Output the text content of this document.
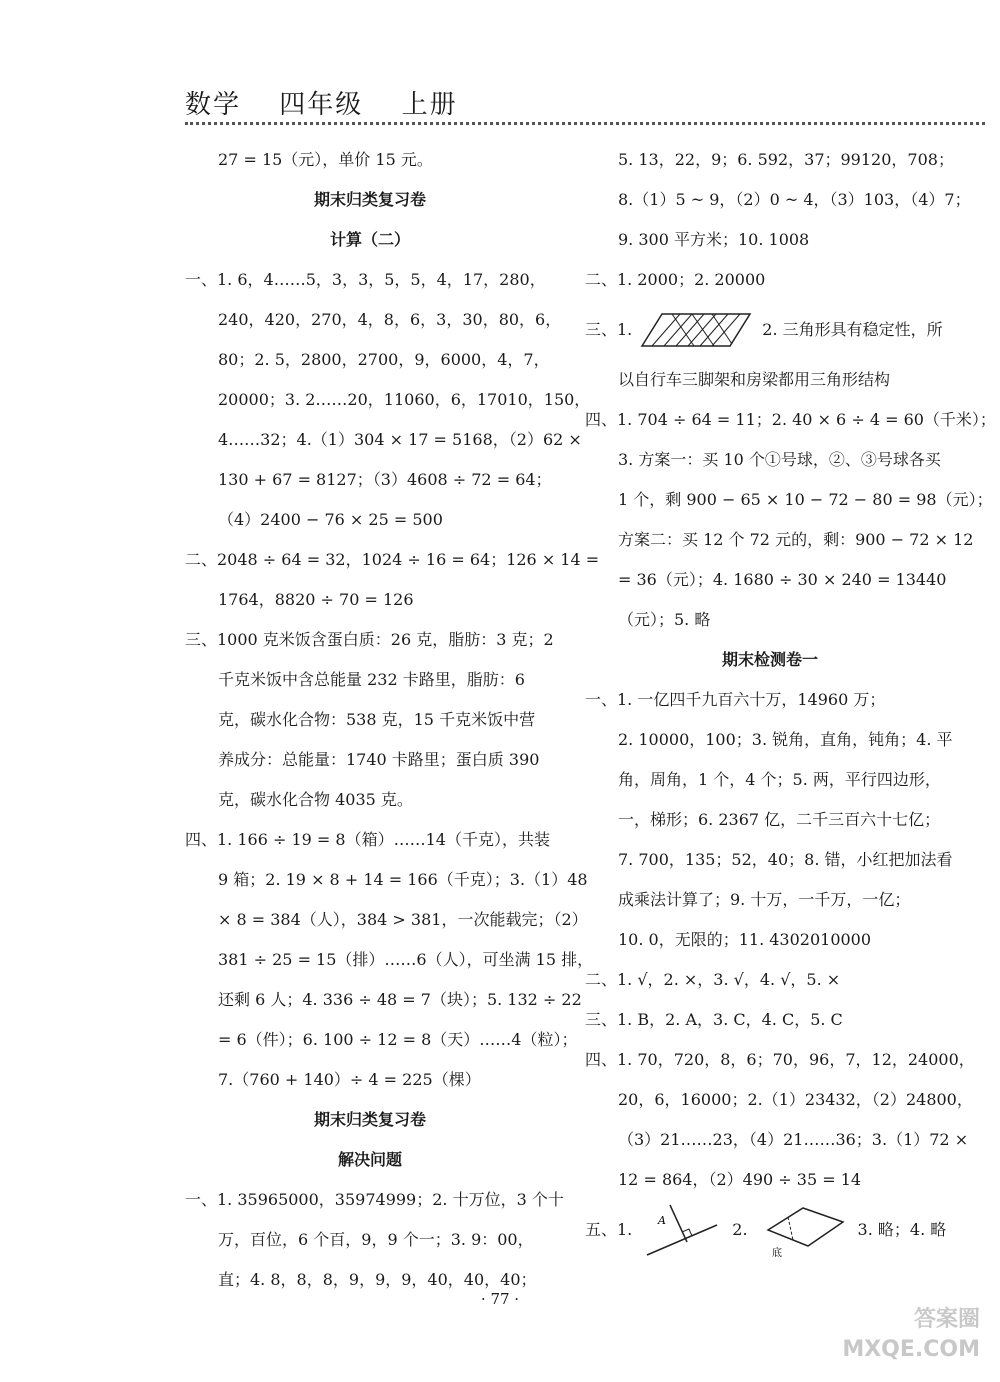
数学 四年级 上册
27 = 15（元），单价 15 元。
期末归类复习卷
计算（二）
一、1. 6，4……5，3，3，5，5，4，17，280，
240，420，270，4，8，6，3，30，80，6，
80；2. 5，2800，2700，9，6000，4，7，
20000；3. 2……20，11060，6，17010，150，
4……32；4.（1）304 × 17 = 5168，（2）62 ×
130 + 67 = 8127；（3）4608 ÷ 72 = 64；
（4）2400 − 76 × 25 = 500
二、2048 ÷ 64 = 32，1024 ÷ 16 = 64；126 × 14 =
1764，8820 ÷ 70 = 126
三、1000 克米饭含蛋白质：26 克，脂肪：3 克；2
千克米饭中含总能量 232 卡路里，脂肪：6
克，碳水化合物：538 克，15 千克米饭中营
养成分：总能量：1740 卡路里；蛋白质 390
克，碳水化合物 4035 克。
四、1. 166 ÷ 19 = 8（箱）……14（千克），共装
9 箱；2. 19 × 8 + 14 = 166（千克）；3.（1）48
× 8 = 384（人），384 > 381，一次能载完；（2）
381 ÷ 25 = 15（排）……6（人），可坐满 15 排，
还剩 6 人；4. 336 ÷ 48 = 7（块）；5. 132 ÷ 22
= 6（件）；6. 100 ÷ 12 = 8（天）……4（粒）；
7.（760 + 140）÷ 4 = 225（棵）
期末归类复习卷
解决问题
一、1. 35965000，35974999；2. 十万位，3 个十
万，百位，6 个百，9，9 个一；3. 9：00，
直；4. 8，8，8，9，9，9，40，40，40；
5. 13，22，9；6. 592，37；99120，708；
8.（1）5 ~ 9，（2）0 ~ 4，（3）103，（4）7；
9. 300 平方米；10. 1008
二、1. 2000；2. 20000
三、1.	2. 三角形具有稳定性，所
以自行车三脚架和房梁都用三角形结构
四、1. 704 ÷ 64 = 11；2. 40 × 6 ÷ 4 = 60（千米）；
3. 方案一：买 10 个①号球，②、③号球各买
1 个，剩 900 − 65 × 10 − 72 − 80 = 98（元）；
方案二：买 12 个 72 元的，剩：900 − 72 × 12
= 36（元）；4. 1680 ÷ 30 × 240 = 13440
（元）；5. 略
期末检测卷一
一、1. 一亿四千九百六十万，14960 万；
2. 10000，100；3. 锐角，直角，钝角；4. 平
角，周角，1 个，4 个；5. 两，平行四边形，
一，梯形；6. 2367 亿，二千三百六十七亿；
7. 700，135；52，40；8. 错，小红把加法看
成乘法计算了；9. 十万，一千万，一亿；
10. 0，无限的；11. 4302010000
二、1. √，2. ×，3. √，4. √，5. ×
三、1. B，2. A，3. C，4. C，5. C
四、1. 70，720，8，6；70，96，7，12，24000，
20，6，16000；2.（1）23432，（2）24800，
（3）21……23，（4）21……36；3.（1）72 ×
12 = 864，（2）490 ÷ 35 = 14
五、1. A	2.
底
3. 略；4. 略
· 77 ·
答案圈
MXQE.COM
